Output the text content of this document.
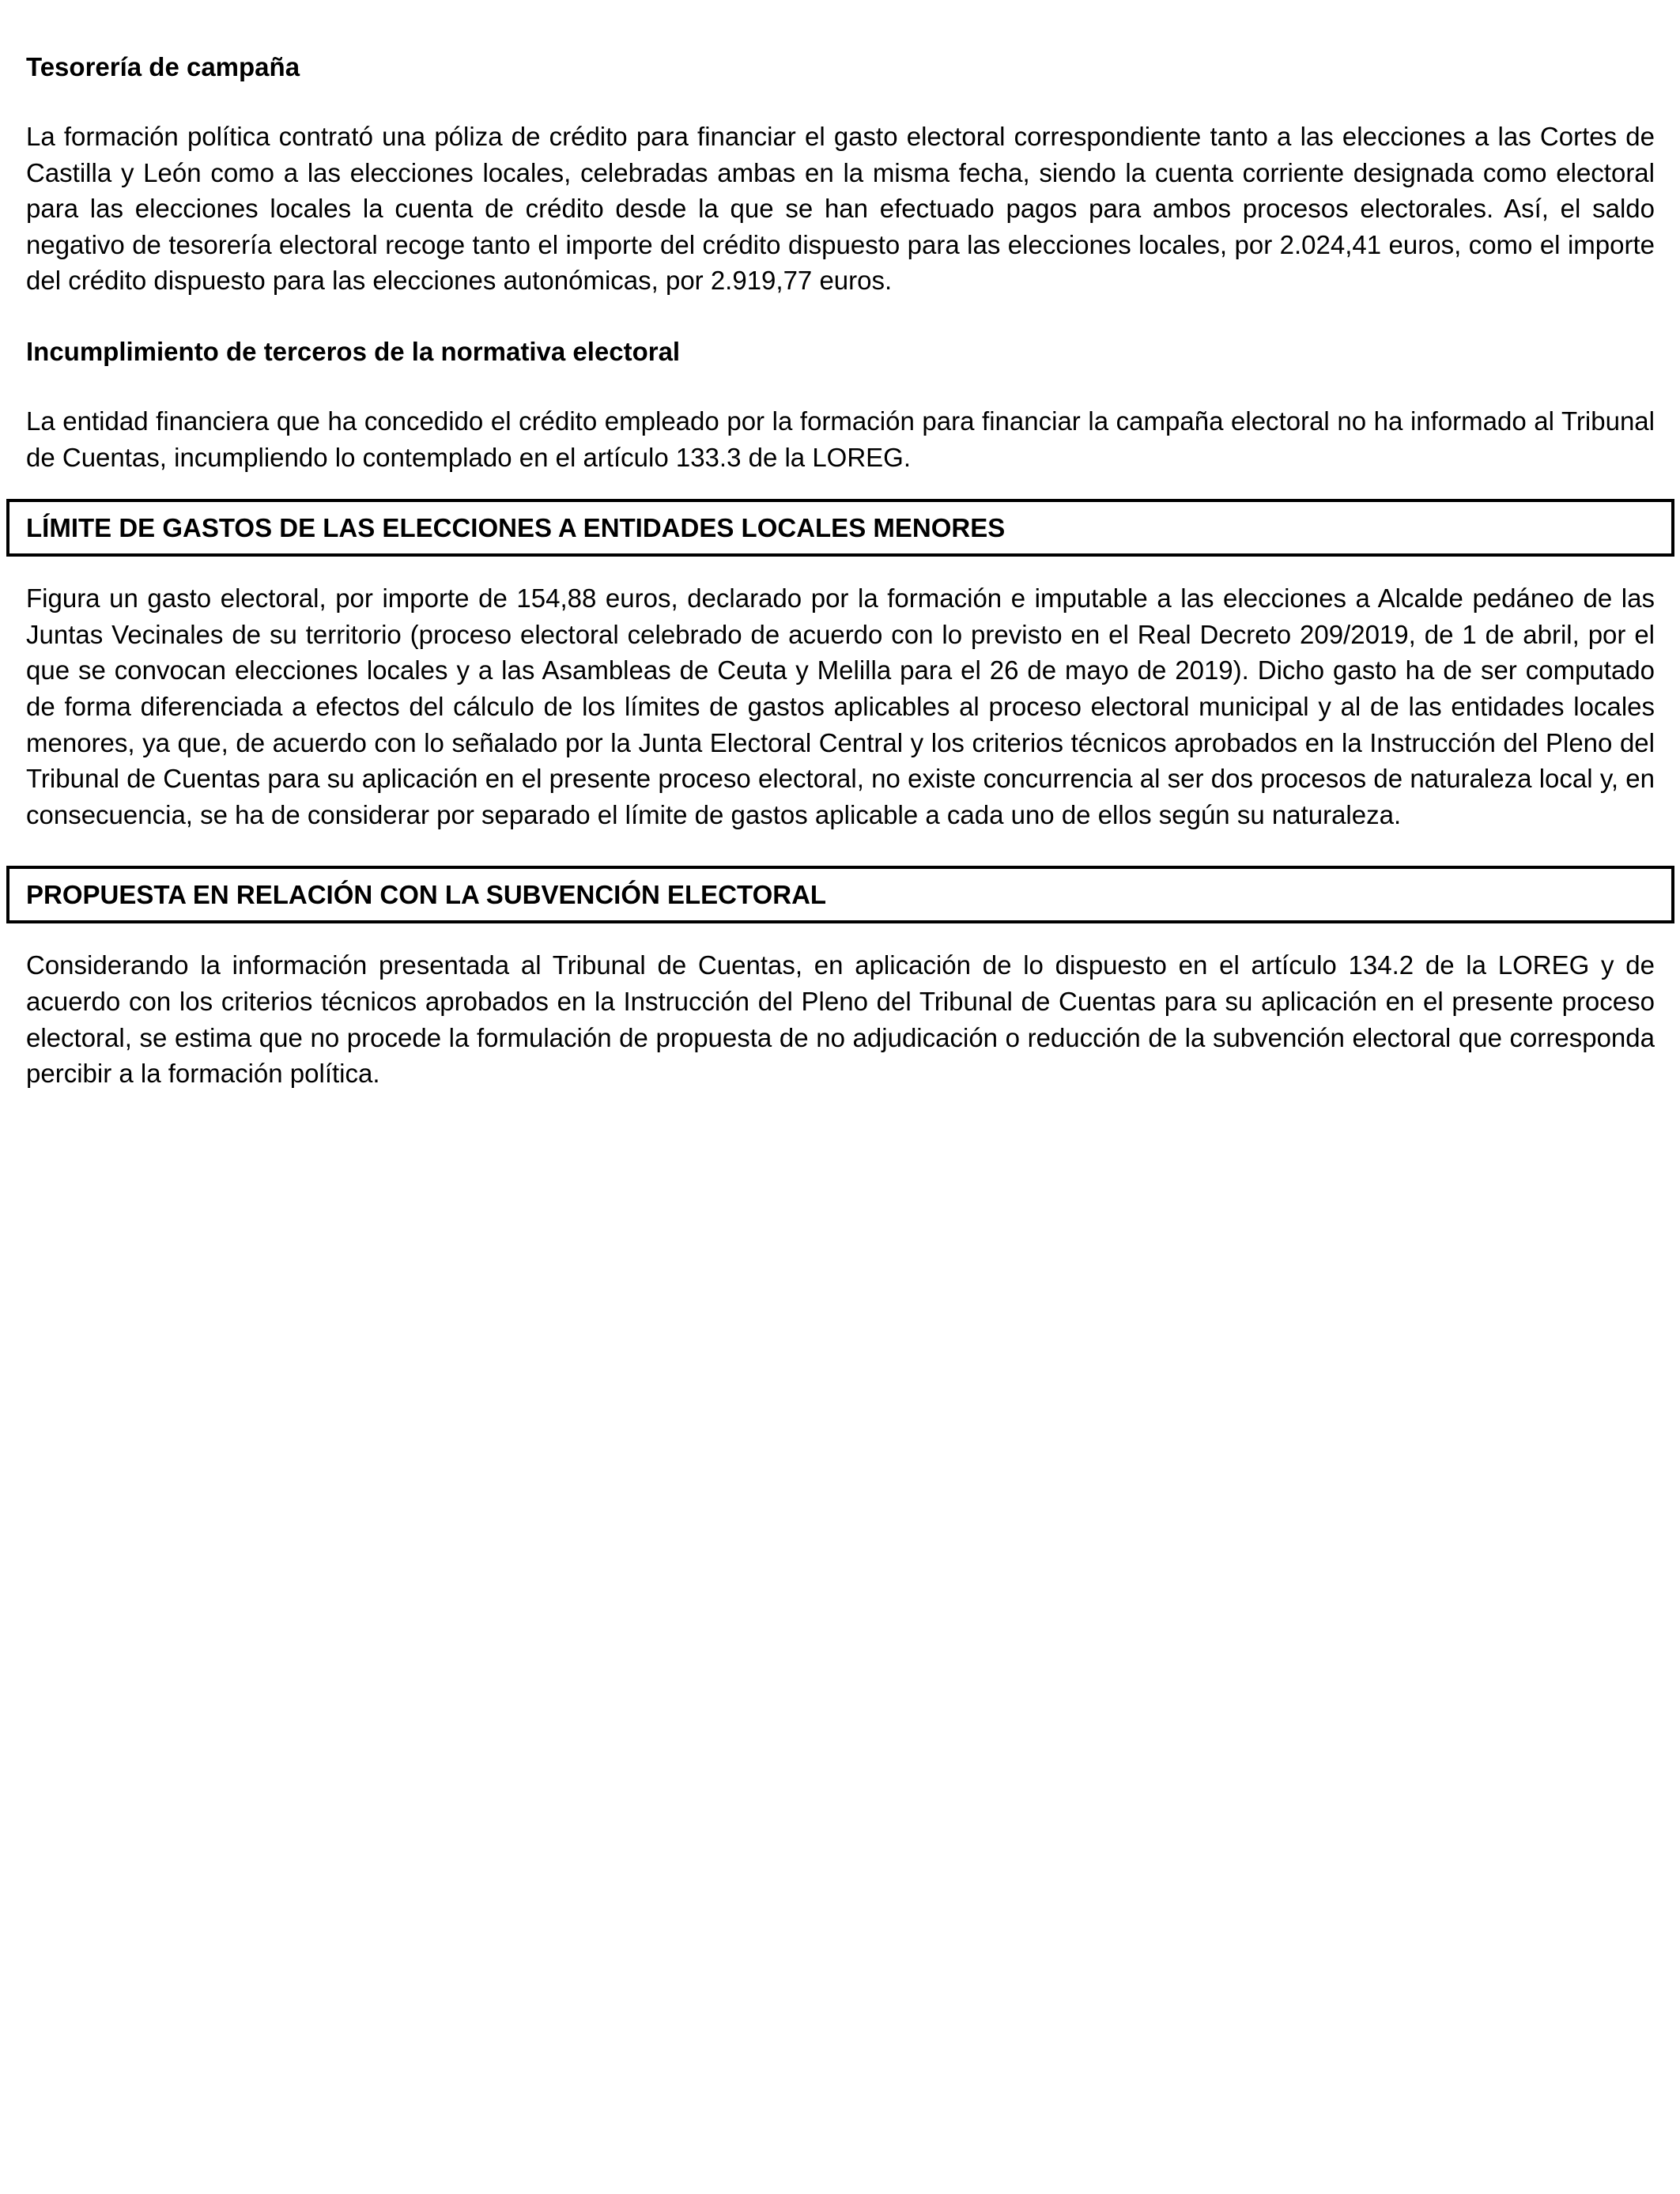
Tesorería de campaña

La formación política contrató una póliza de crédito para financiar el gasto electoral correspondiente tanto a las elecciones a las Cortes de Castilla y León como a las elecciones locales, celebradas ambas en la misma fecha, siendo la cuenta corriente designada como electoral para las elecciones locales la cuenta de crédito desde la que se han efectuado pagos para ambos procesos electorales. Así, el saldo negativo de tesorería electoral recoge tanto el importe del crédito dispuesto para las elecciones locales, por 2.024,41 euros, como el importe del crédito dispuesto para las elecciones autonómicas, por 2.919,77 euros.

Incumplimiento de terceros de la normativa electoral

La entidad financiera que ha concedido el crédito empleado por la formación para financiar la campaña electoral no ha informado al Tribunal de Cuentas, incumpliendo lo contemplado en el artículo 133.3 de la LOREG.

LÍMITE DE GASTOS DE LAS ELECCIONES A ENTIDADES LOCALES MENORES

Figura un gasto electoral, por importe de 154,88 euros, declarado por la formación e imputable a las elecciones a Alcalde pedáneo de las Juntas Vecinales de su territorio (proceso electoral celebrado de acuerdo con lo previsto en el Real Decreto 209/2019, de 1 de abril, por el que se convocan elecciones locales y a las Asambleas de Ceuta y Melilla para el 26 de mayo de 2019). Dicho gasto ha de ser computado de forma diferenciada a efectos del cálculo de los límites de gastos aplicables al proceso electoral municipal y al de las entidades locales menores, ya que, de acuerdo con lo señalado por la Junta Electoral Central y los criterios técnicos aprobados en la Instrucción del Pleno del Tribunal de Cuentas para su aplicación en el presente proceso electoral, no existe concurrencia al ser dos procesos de naturaleza local y, en consecuencia, se ha de considerar por separado el límite de gastos aplicable a cada uno de ellos según su naturaleza.

PROPUESTA EN RELACIÓN CON LA SUBVENCIÓN ELECTORAL

Considerando la información presentada al Tribunal de Cuentas, en aplicación de lo dispuesto en el artículo 134.2 de la LOREG y de acuerdo con los criterios técnicos aprobados en la Instrucción del Pleno del Tribunal de Cuentas para su aplicación en el presente proceso electoral, se estima que no procede la formulación de propuesta de no adjudicación o reducción de la subvención electoral que corresponda percibir a la formación política.
